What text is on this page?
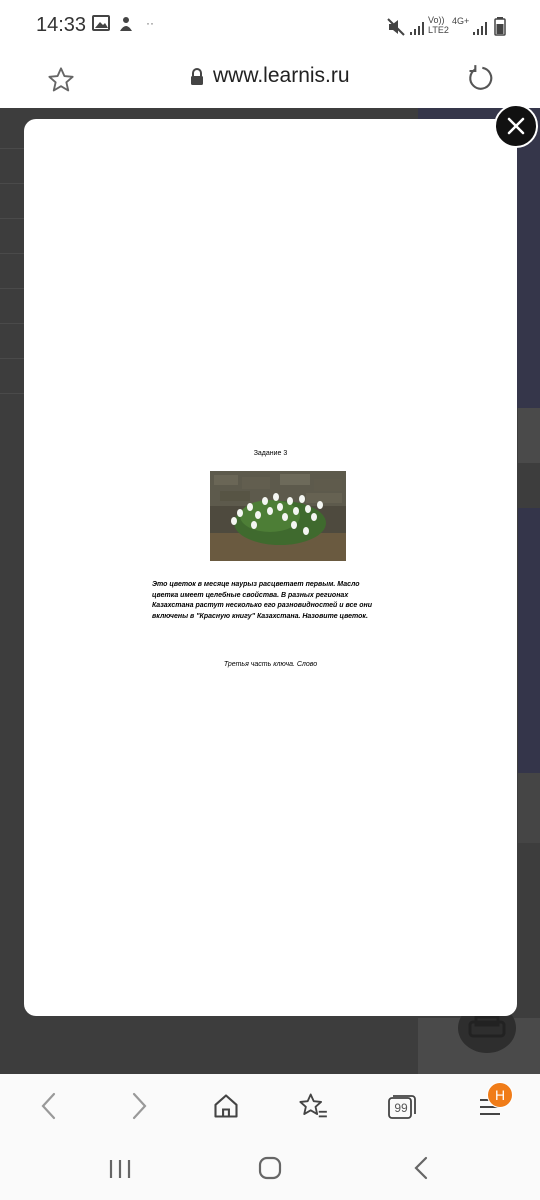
14:33	··	Vo))
LTE2
4G+
www.learnis.ru
Задание 3
Это цветок в месяце наурыз расцветает первым. Масло цветка имеет целебные свойства. В разных регионах Казахстана растут несколько его разновидностей и все они включены в "Красную книгу" Казахстана. Назовите цветок.
Третья часть ключа. Слово
99
Н
